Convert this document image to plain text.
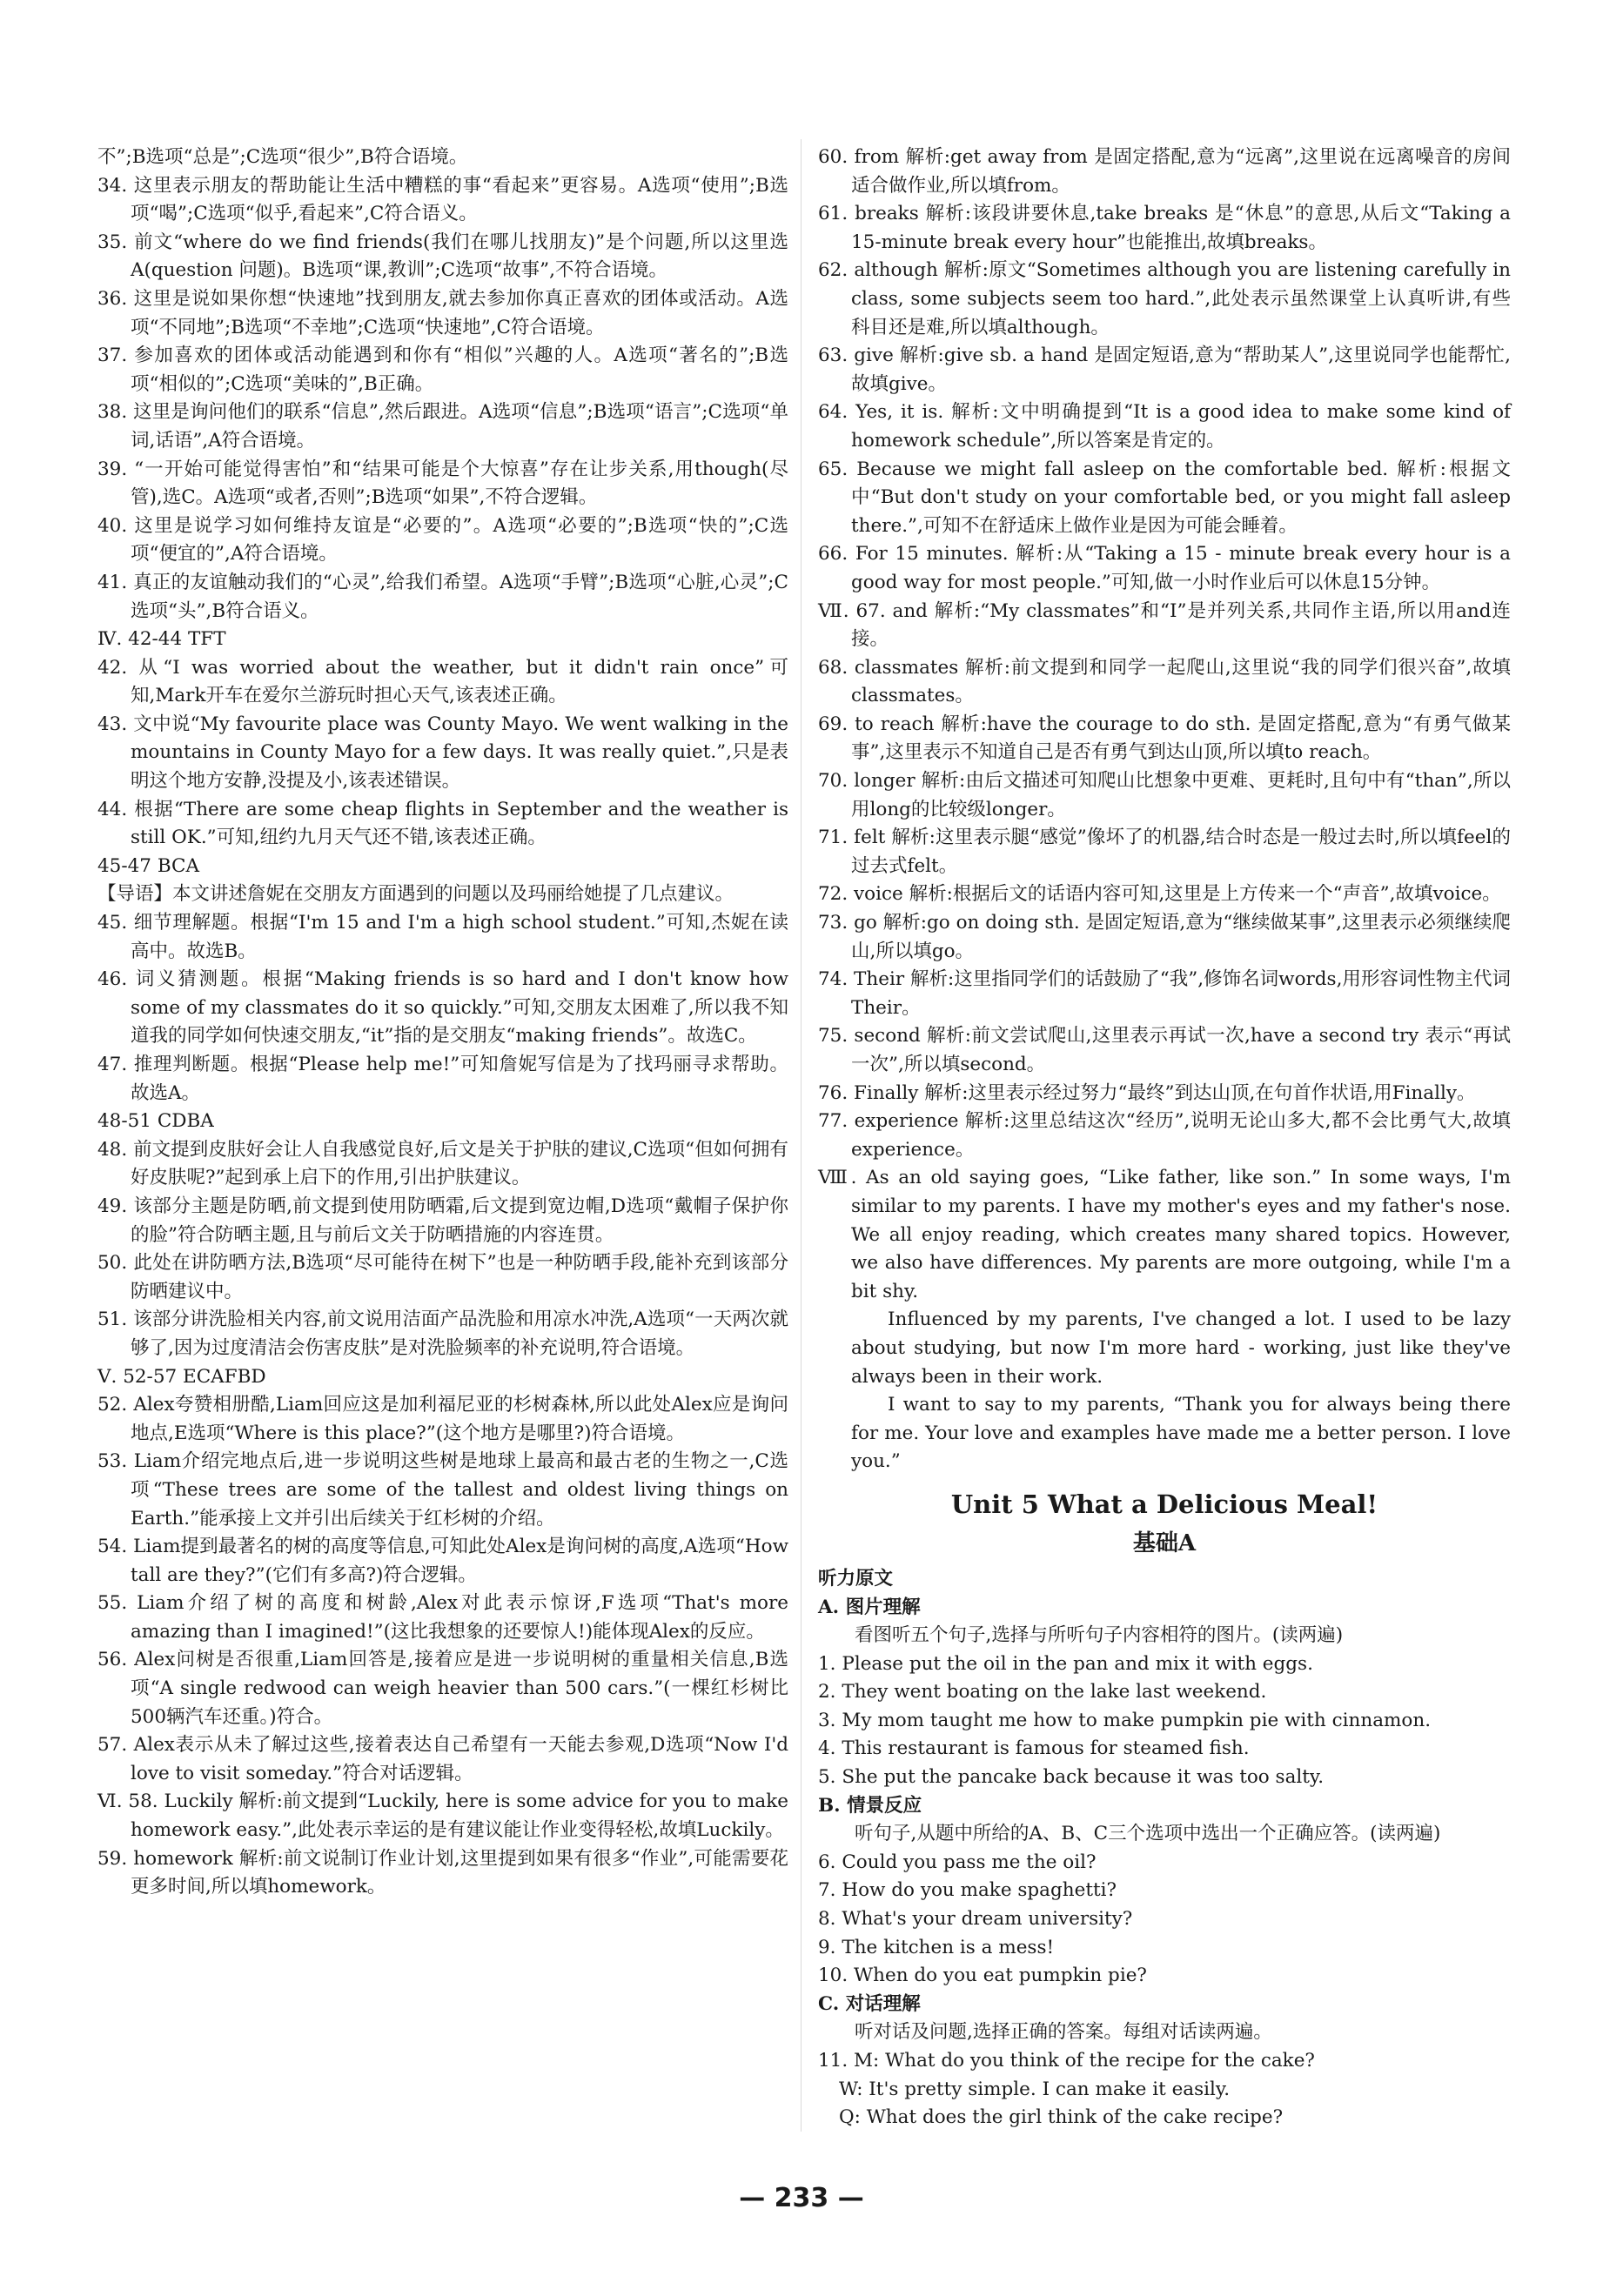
不”;B选项“总是”;C选项“很少”,B符合语境。

34. 这里表示朋友的帮助能让生活中糟糕的事“看起来”更容易。A选项“使用”;B选项“喝”;C选项“似乎,看起来”,C符合语义。

35. 前文“where do we find friends(我们在哪儿找朋友)”是个问题,所以这里选A(question 问题)。B选项“课,教训”;C选项“故事”,不符合语境。

36. 这里是说如果你想“快速地”找到朋友,就去参加你真正喜欢的团体或活动。A选项“不同地”;B选项“不幸地”;C选项“快速地”,C符合语境。

37. 参加喜欢的团体或活动能遇到和你有“相似”兴趣的人。A选项“著名的”;B选项“相似的”;C选项“美味的”,B正确。

38. 这里是询问他们的联系“信息”,然后跟进。A选项“信息”;B选项“语言”;C选项“单词,话语”,A符合语境。

39. “一开始可能觉得害怕”和“结果可能是个大惊喜”存在让步关系,用though(尽管),选C。A选项“或者,否则”;B选项“如果”,不符合逻辑。

40. 这里是说学习如何维持友谊是“必要的”。A选项“必要的”;B选项“快的”;C选项“便宜的”,A符合语境。

41. 真正的友谊触动我们的“心灵”,给我们希望。A选项“手臂”;B选项“心脏,心灵”;C选项“头”,B符合语义。

Ⅳ. 42-44 TFT

42. 从“I was worried about the weather, but it didn't rain once”可知,Mark开车在爱尔兰游玩时担心天气,该表述正确。

43. 文中说“My favourite place was County Mayo. We went walking in the mountains in County Mayo for a few days. It was really quiet.”,只是表明这个地方安静,没提及小,该表述错误。

44. 根据“There are some cheap flights in September and the weather is still OK.”可知,纽约九月天气还不错,该表述正确。

45-47 BCA

【导语】本文讲述詹妮在交朋友方面遇到的问题以及玛丽给她提了几点建议。

45. 细节理解题。根据“I'm 15 and I'm a high school student.”可知,杰妮在读高中。故选B。

46. 词义猜测题。根据“Making friends is so hard and I don't know how some of my classmates do it so quickly.”可知,交朋友太困难了,所以我不知道我的同学如何快速交朋友,“it”指的是交朋友“making friends”。故选C。

47. 推理判断题。根据“Please help me!”可知詹妮写信是为了找玛丽寻求帮助。故选A。

48-51 CDBA

48. 前文提到皮肤好会让人自我感觉良好,后文是关于护肤的建议,C选项“但如何拥有好皮肤呢?”起到承上启下的作用,引出护肤建议。

49. 该部分主题是防晒,前文提到使用防晒霜,后文提到宽边帽,D选项“戴帽子保护你的脸”符合防晒主题,且与前后文关于防晒措施的内容连贯。

50. 此处在讲防晒方法,B选项“尽可能待在树下”也是一种防晒手段,能补充到该部分防晒建议中。

51. 该部分讲洗脸相关内容,前文说用洁面产品洗脸和用凉水冲洗,A选项“一天两次就够了,因为过度清洁会伤害皮肤”是对洗脸频率的补充说明,符合语境。

Ⅴ. 52-57 ECAFBD

52. Alex夸赞相册酷,Liam回应这是加利福尼亚的杉树森林,所以此处Alex应是询问地点,E选项“Where is this place?”(这个地方是哪里?)符合语境。

53. Liam介绍完地点后,进一步说明这些树是地球上最高和最古老的生物之一,C选项“These trees are some of the tallest and oldest living things on Earth.”能承接上文并引出后续关于红杉树的介绍。

54. Liam提到最著名的树的高度等信息,可知此处Alex是询问树的高度,A选项“How tall are they?”(它们有多高?)符合逻辑。

55. Liam介绍了树的高度和树龄,Alex对此表示惊讶,F选项“That's more amazing than I imagined!”(这比我想象的还要惊人!)能体现Alex的反应。

56. Alex问树是否很重,Liam回答是,接着应是进一步说明树的重量相关信息,B选项“A single redwood can weigh heavier than 500 cars.”(一棵红杉树比500辆汽车还重。)符合。

57. Alex表示从未了解过这些,接着表达自己希望有一天能去参观,D选项“Now I'd love to visit someday.”符合对话逻辑。

Ⅵ. 58. Luckily 解析:前文提到“Luckily, here is some advice for you to make homework easy.”,此处表示幸运的是有建议能让作业变得轻松,故填Luckily。

59. homework 解析:前文说制订作业计划,这里提到如果有很多“作业”,可能需要花更多时间,所以填homework。

60. from 解析:get away from 是固定搭配,意为“远离”,这里说在远离噪音的房间适合做作业,所以填from。

61. breaks 解析:该段讲要休息,take breaks 是“休息”的意思,从后文“Taking a 15-minute break every hour”也能推出,故填breaks。

62. although 解析:原文“Sometimes although you are listening carefully in class, some subjects seem too hard.”,此处表示虽然课堂上认真听讲,有些科目还是难,所以填although。

63. give 解析:give sb. a hand 是固定短语,意为“帮助某人”,这里说同学也能帮忙,故填give。

64. Yes, it is. 解析:文中明确提到“It is a good idea to make some kind of homework schedule”,所以答案是肯定的。

65. Because we might fall asleep on the comfortable bed. 解析:根据文中“But don't study on your comfortable bed, or you might fall asleep there.”,可知不在舒适床上做作业是因为可能会睡着。

66. For 15 minutes. 解析:从“Taking a 15 - minute break every hour is a good way for most people.”可知,做一小时作业后可以休息15分钟。

Ⅶ. 67. and 解析:“My classmates”和“I”是并列关系,共同作主语,所以用and连接。

68. classmates 解析:前文提到和同学一起爬山,这里说“我的同学们很兴奋”,故填classmates。

69. to reach 解析:have the courage to do sth. 是固定搭配,意为“有勇气做某事”,这里表示不知道自己是否有勇气到达山顶,所以填to reach。

70. longer 解析:由后文描述可知爬山比想象中更难、更耗时,且句中有“than”,所以用long的比较级longer。

71. felt 解析:这里表示腿“感觉”像坏了的机器,结合时态是一般过去时,所以填feel的过去式felt。

72. voice 解析:根据后文的话语内容可知,这里是上方传来一个“声音”,故填voice。

73. go 解析:go on doing sth. 是固定短语,意为“继续做某事”,这里表示必须继续爬山,所以填go。

74. Their 解析:这里指同学们的话鼓励了“我”,修饰名词words,用形容词性物主代词Their。

75. second 解析:前文尝试爬山,这里表示再试一次,have a second try 表示“再试一次”,所以填second。

76. Finally 解析:这里表示经过努力“最终”到达山顶,在句首作状语,用Finally。

77. experience 解析:这里总结这次“经历”,说明无论山多大,都不会比勇气大,故填experience。

Ⅷ. As an old saying goes, “Like father, like son.” In some ways, I'm similar to my parents. I have my mother's eyes and my father's nose. We all enjoy reading, which creates many shared topics. However, we also have differences. My parents are more outgoing, while I'm a bit shy.

Influenced by my parents, I've changed a lot. I used to be lazy about studying, but now I'm more hard - working, just like they've always been in their work.

I want to say to my parents, “Thank you for always being there for me. Your love and examples have made me a better person. I love you.”

Unit 5 What a Delicious Meal!
基础A

听力原文

A. 图片理解

看图听五个句子,选择与所听句子内容相符的图片。(读两遍)

1. Please put the oil in the pan and mix it with eggs.

2. They went boating on the lake last weekend.

3. My mom taught me how to make pumpkin pie with cinnamon.

4. This restaurant is famous for steamed fish.

5. She put the pancake back because it was too salty.

B. 情景反应

听句子,从题中所给的A、B、C三个选项中选出一个正确应答。(读两遍)

6. Could you pass me the oil?

7. How do you make spaghetti?

8. What's your dream university?

9. The kitchen is a mess!

10. When do you eat pumpkin pie?

C. 对话理解

听对话及问题,选择正确的答案。每组对话读两遍。

11. M: What do you think of the recipe for the cake?

W: It's pretty simple. I can make it easily.

Q: What does the girl think of the cake recipe?

— 233 —
